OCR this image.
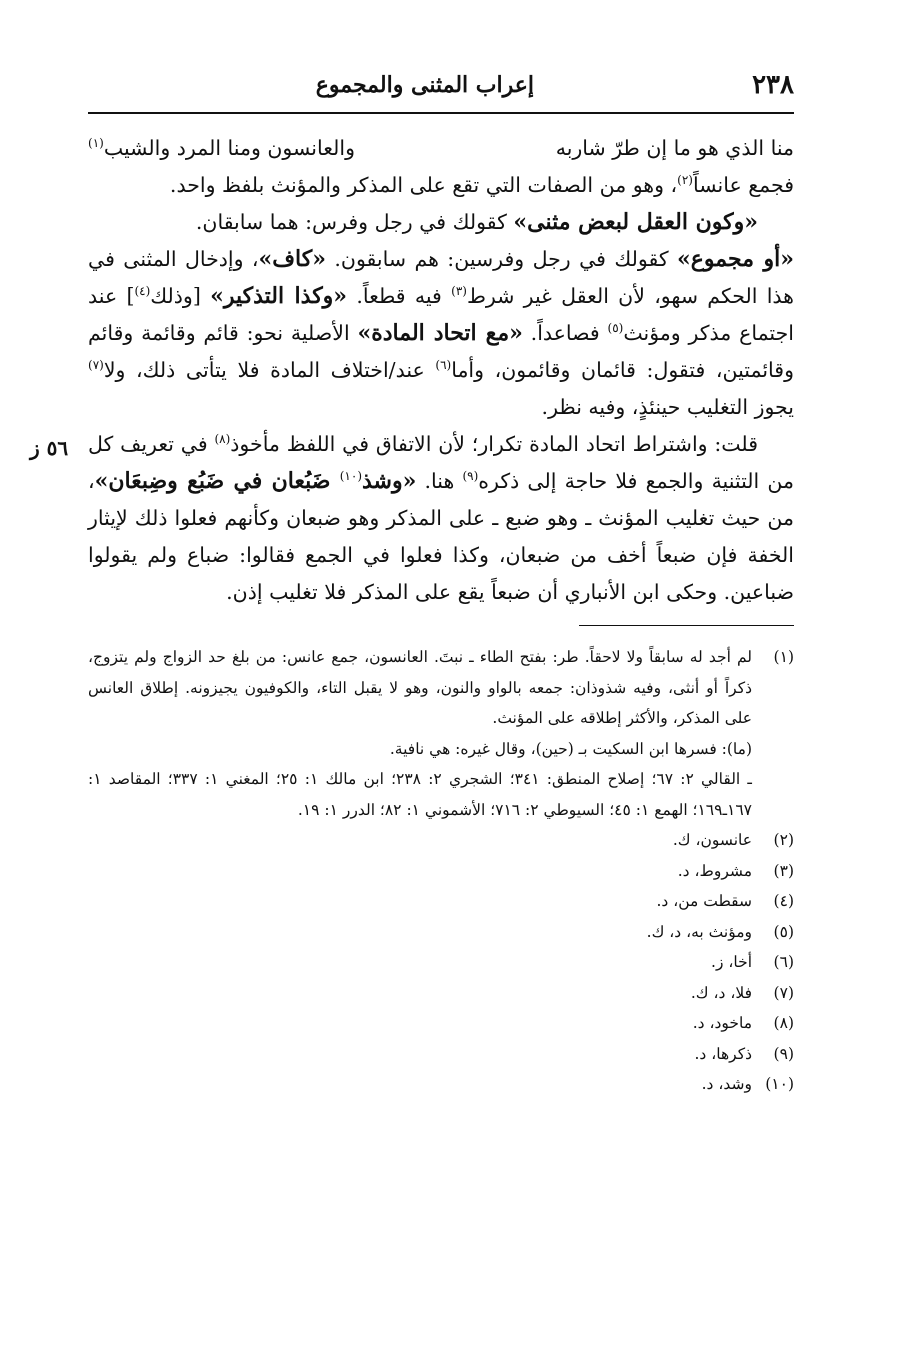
٢٣٨
إعراب المثنى والمجموع

منا الذي هو ما إن طرّ شاربه
والعانسون ومنا المرد والشيب$^{(١)}$

فجمع عانساً$^{(٢)}$، وهو من الصفات التي تقع على المذكر والمؤنث بلفظ واحد.

«وكون العقل لبعض مثنى» كقولك في رجل وفرس: هما سابقان.

«أو مجموع» كقولك في رجل وفرسين: هم سابقون. «كاف»، وإدخال المثنى في هذا الحكم سهو، لأن العقل غير شرط$^{(٣)}$ فيه قطعاً. «وكذا التذكير» [وذلك$^{(٤)}$] عند اجتماع مذكر ومؤنث$^{(٥)}$ فصاعداً. «مع اتحاد المادة» الأصلية نحو: قائم وقائمة وقائم وقائمتين، فتقول: قائمان وقائمون، وأما$^{(٦)}$ عند/اختلاف المادة فلا يتأتى ذلك، ولا$^{(٧)}$ يجوز التغليب حينئذٍ، وفيه نظر.

قلت: واشتراط اتحاد المادة تكرار؛ لأن الاتفاق في اللفظ مأخوذ$^{(٨)}$ في تعريف كل من التثنية والجمع فلا حاجة إلى ذكره$^{(٩)}$ هنا. «وشذ$^{(١٠)}$ ضَبُعان في ضَبُع وضِبعَان»، من حيث تغليب المؤنث ـ وهو ضبع ـ على المذكر وهو ضبعان وكأنهم فعلوا ذلك لإيثار الخفة فإن ضبعاً أخف من ضبعان، وكذا فعلوا في الجمع فقالوا: ضباع ولم يقولوا ضباعين. وحكى ابن الأنباري أن ضبعاً يقع على المذكر فلا تغليب إذن.

(١)

لم أجد له سابقاً ولا لاحقاً. طر: بفتح الطاء ـ نبتَ. العانسون، جمع عانس: من بلغ حد الزواج ولم يتزوج، ذكراً أو أنثى، وفيه شذوذان: جمعه بالواو والنون، وهو لا يقبل التاء، والكوفيون يجيزونه. إطلاق العانس على المذكر، والأكثر إطلاقه على المؤنث.

(ما): فسرها ابن السكيت بـ (حين)، وقال غيره: هي نافية.

ـ القالي ٢: ٦٧؛ إصلاح المنطق: ٣٤١؛ الشجري ٢: ٢٣٨؛ ابن مالك ١: ٢٥؛ المغني ١: ٣٣٧؛ المقاصد ١: ١٦٧ـ١٦٩؛ الهمع ١: ٤٥؛ السيوطي ٢: ٧١٦؛ الأشموني ١: ٨٢؛ الدرر ١: ١٩.

(٢)
عانسون، ك.
(٣)
مشروط، د.
(٤)
سقطت من، د.
(٥)
ومؤنث به، د، ك.
(٦)
أخا، ز.
(٧)
فلا، د، ك.
(٨)
ماخود، د.
(٩)
ذكرها، د.
(١٠)
وشد، د.
٥٦ ز
